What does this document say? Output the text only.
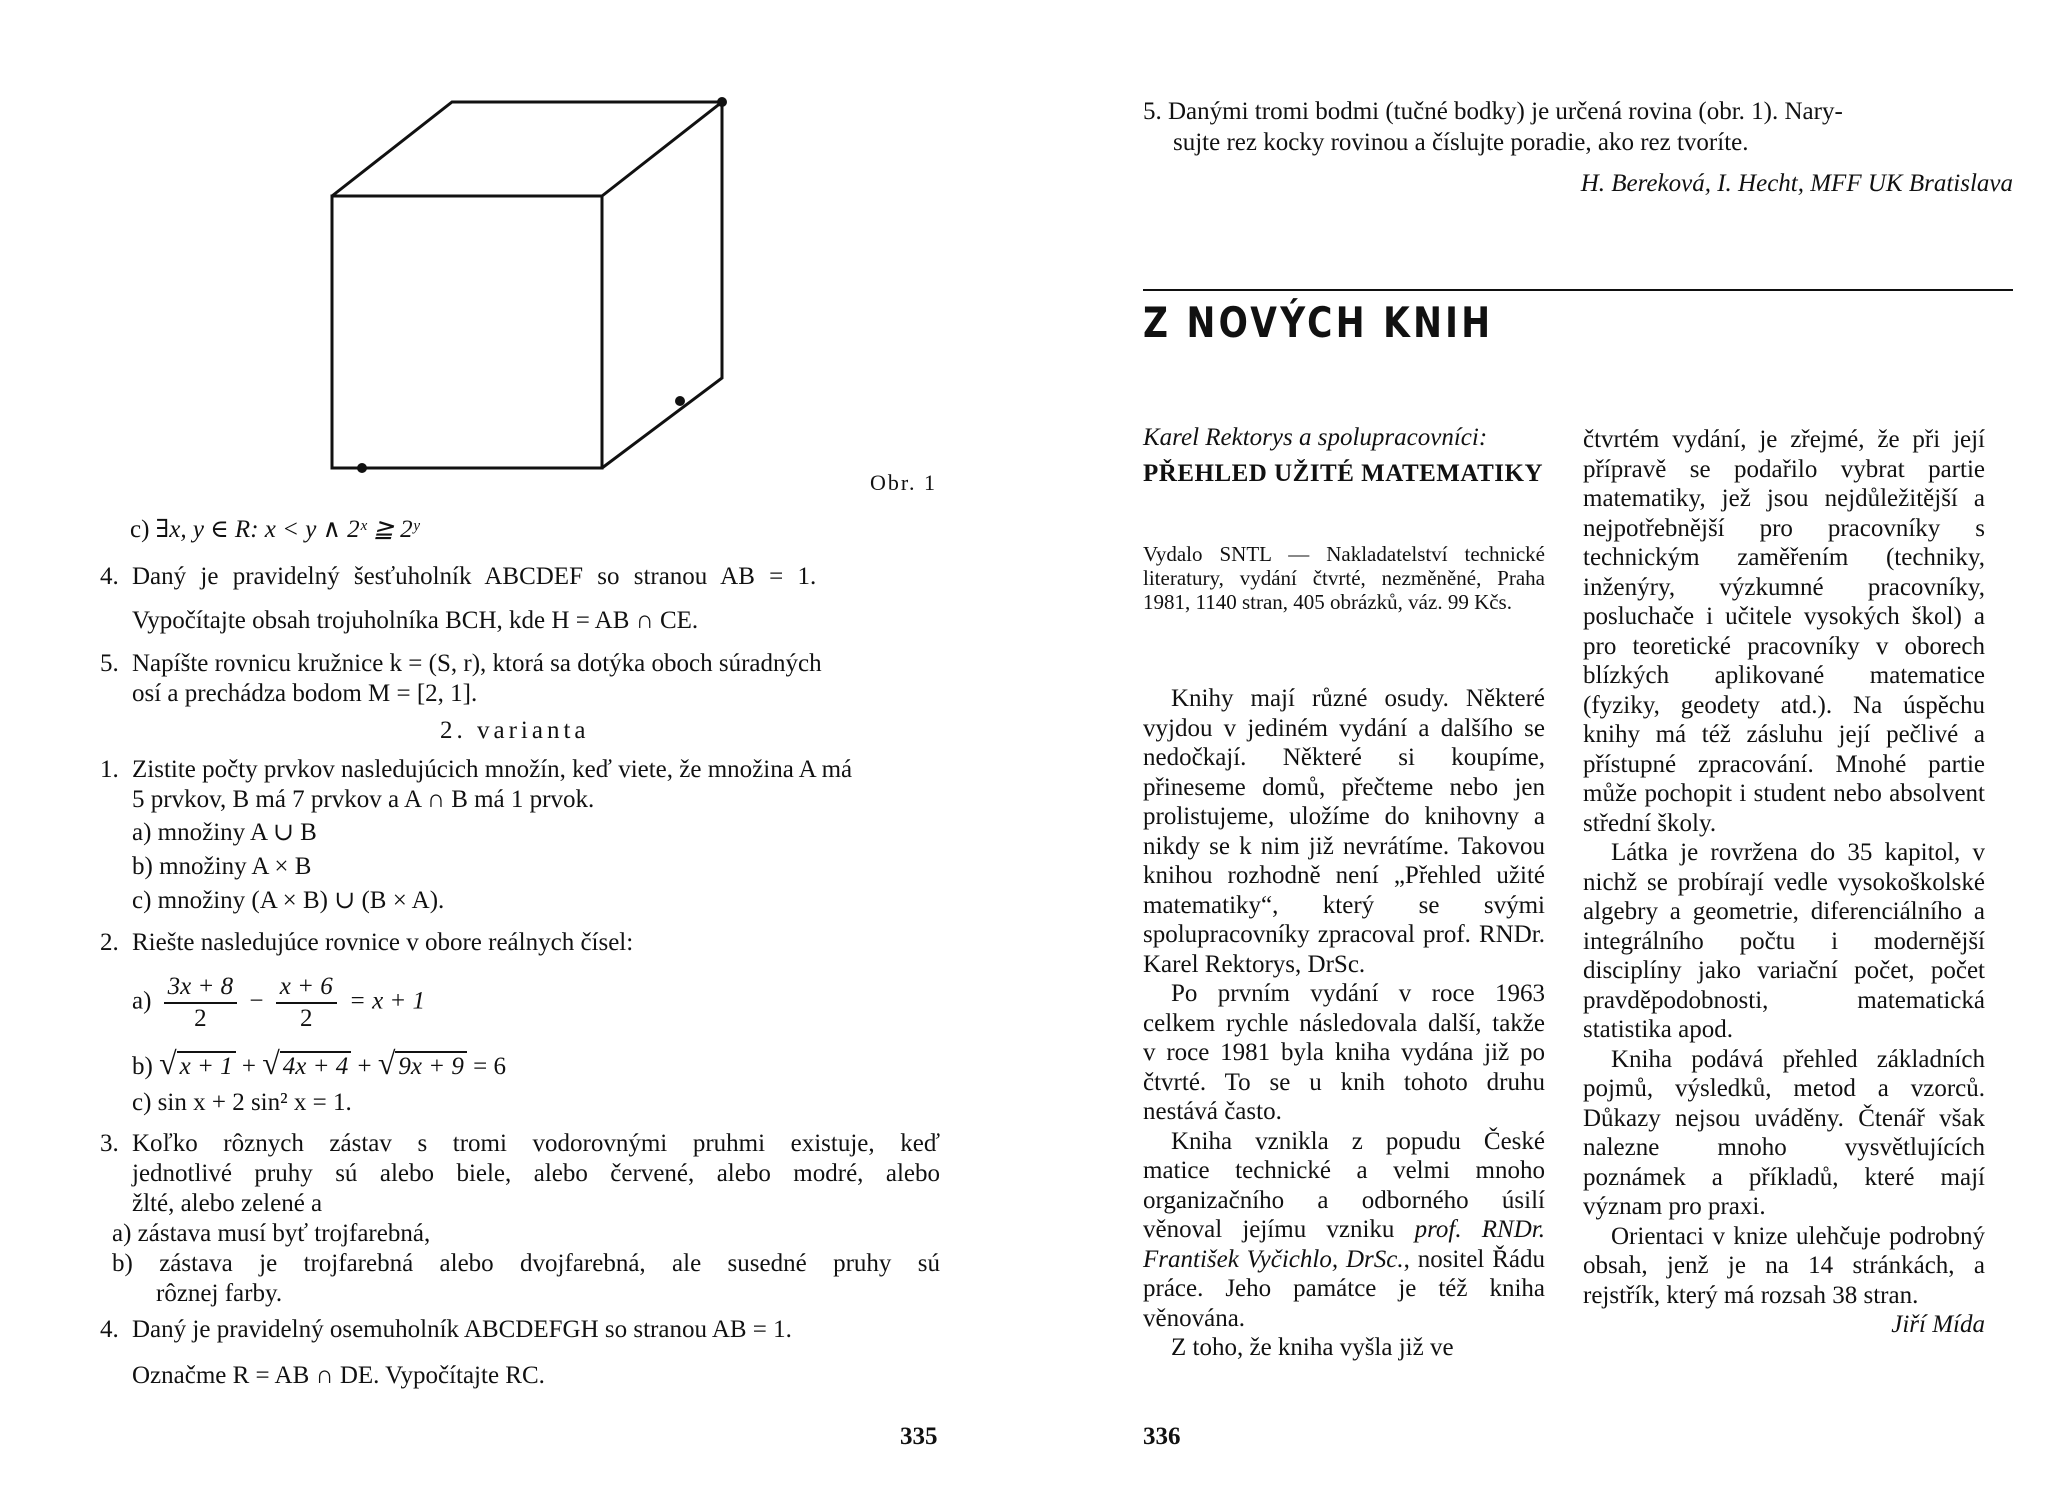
Obr. 1
c) ∃x, y ∈ R: x < y ∧ 2ˣ ≧ 2ʸ
4. Daný je pravidelný šesťuholník ABCDEF so stranou AB = 1.
Vypočítajte obsah trojuholníka BCH, kde H = AB ∩ CE.
5. Napíšte rovnicu kružnice k = (S, r), ktorá sa dotýka oboch súradných
osí a prechádza bodom M = [2, 1].
2. varianta
1. Zistite počty prvkov nasledujúcich množín, keď viete, že množina A má
5 prvkov, B má 7 prvkov a A ∩ B má 1 prvok.
a) množiny A ∪ B
b) množiny A × B
c) množiny (A × B) ∪ (B × A).
2. Riešte nasledujúce rovnice v obore reálnych čísel:
$a) \frac{3x + 8}{2} - \frac{x + 6}{2} = x + 1$
b) √ x + 1 + √ 4x + 4 + √ 9x + 9 = 6
c) sin x + 2 sin² x = 1.
3. Koľko rôznych zástav s tromi vodorovnými pruhmi existuje, keď
jednotlivé pruhy sú alebo biele, alebo červené, alebo modré, alebo
žlté, alebo zelené a
a) zástava musí byť trojfarebná,
b) zástava je trojfarebná alebo dvojfarebná, ale susedné pruhy sú
rôznej farby.
4. Daný je pravidelný osemuholník ABCDEFGH so stranou AB = 1.
Označme R = AB ∩ DE. Vypočítajte RC.
335
5. Danými tromi bodmi (tučné bodky) je určená rovina (obr. 1). Nary-
sujte rez kocky rovinou a číslujte poradie, ako rez tvoríte.
H. Bereková, I. Hecht, MFF UK Bratislava
Z NOVÝCH KNIH
Karel Rektorys a spolupracovníci:
PŘEHLED UŽITÉ MATEMATIKY
Vydalo SNTL — Nakladatelství technické literatury, vydání čtvrté, nezměněné, Praha 1981, 1140 stran, 405 obrázků, váz. 99 Kčs.

Knihy mají různé osudy. Některé vyjdou v jediném vydání a dalšího se nedočkají. Některé si koupíme, přineseme domů, přečteme nebo jen prolistujeme, uložíme do knihovny a nikdy se k nim již nevrátíme. Takovou knihou rozhodně není „Přehled užité matematiky“, který se svými spolupracovníky zpracoval prof. RNDr. Karel Rektorys, DrSc.

Po prvním vydání v roce 1963 celkem rychle následovala další, takže v roce 1981 byla kniha vydána již po čtvrté. To se u knih tohoto druhu nestává často.

Kniha vznikla z popudu České matice technické a velmi mnoho organizačního a odborného úsilí věnoval jejímu vzniku prof. RNDr. František Vyčichlo, DrSc., nositel Řádu práce. Jeho památce je též kniha věnována.

Z toho, že kniha vyšla již ve

čtvrtém vydání, je zřejmé, že při její přípravě se podařilo vybrat partie matematiky, jež jsou nejdůležitější a nejpotřebnější pro pracovníky s technickým zaměřením (techniky, inženýry, výzkumné pracovníky, posluchače i učitele vysokých škol) a pro teoretické pracovníky v oborech blízkých aplikované matematice (fyziky, geodety atd.). Na úspěchu knihy má též zásluhu její pečlivé a přístupné zpracování. Mnohé partie může pochopit i student nebo absolvent střední školy.

Látka je rovržena do 35 kapitol, v nichž se probírají vedle vysokoškolské algebry a geometrie, diferenciálního a integrálního počtu i modernější disciplíny jako variační počet, počet pravděpodobnosti, matematická statistika apod.

Kniha podává přehled základních pojmů, výsledků, metod a vzorců. Důkazy nejsou uváděny. Čtenář však nalezne mnoho vysvětlujících poznámek a příkladů, které mají význam pro praxi.

Orientaci v knize ulehčuje podrobný obsah, jenž je na 14 stránkách, a rejstřík, který má rozsah 38 stran.

Jiří Mída
336
